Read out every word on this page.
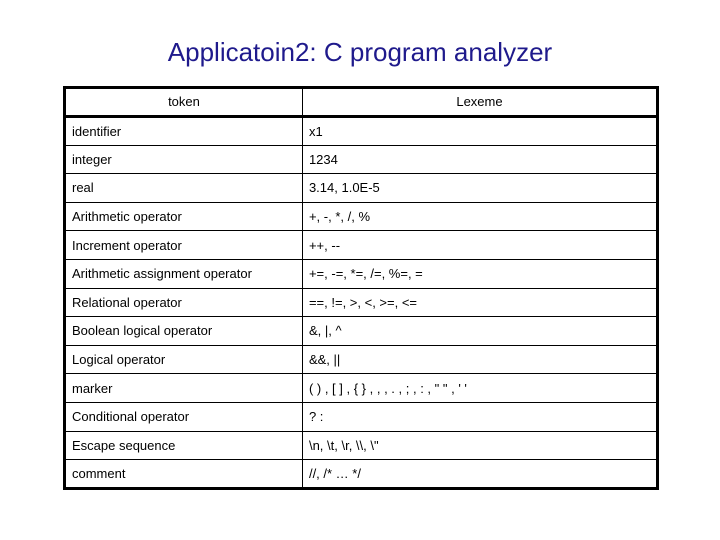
Applicatoin2: C program analyzer
token	Lexeme
identifier	x1
integer	1234
real	3.14, 1.0E-5
Arithmetic operator	+, -, *, /, %
Increment operator	++, --
Arithmetic assignment operator	+=, -=, *=, /=, %=, =
Relational operator	==, !=, >, <, >=, <=
Boolean logical operator	&, |, ^
Logical operator	&&, ||
marker	( ) , [ ] , { } , , , . , ; , : , " " , ' '
Conditional operator	? :
Escape sequence	\n, \t, \r, \\, \"
comment	//, /* … */
